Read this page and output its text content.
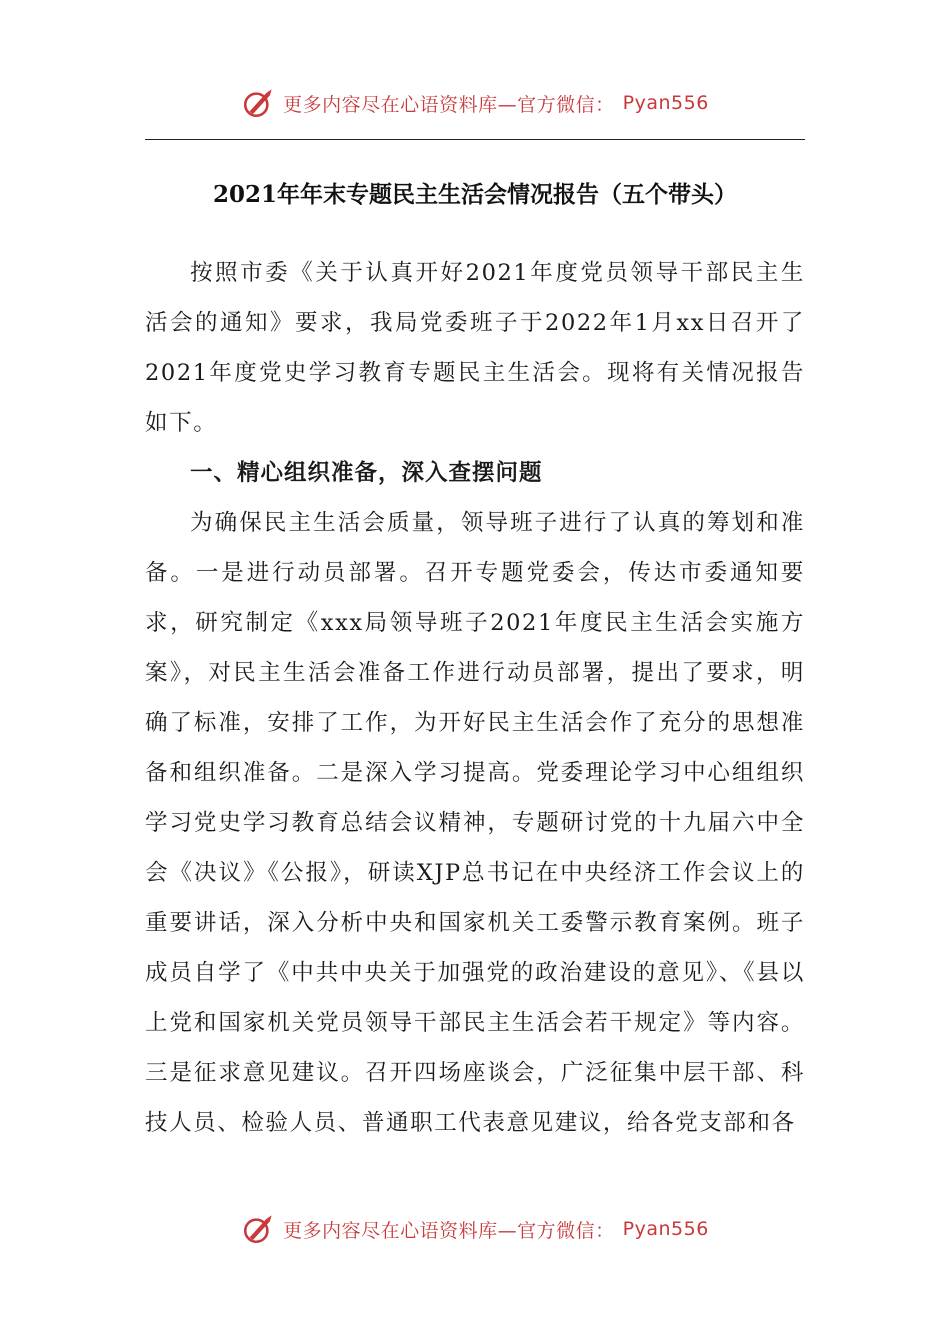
更多内容尽在心语资料库—官方微信： Pyan556
2021年年末专题民主生活会情况报告（五个带头）

按照市委《关于认真开好2021年度党员领导干部民主生活会的通知》要求，我局党委班子于2022年1月xx日召开了2021年度党史学习教育专题民主生活会。现将有关情况报告如下。

一、精心组织准备，深入查摆问题

为确保民主生活会质量，领导班子进行了认真的筹划和准备。一是进行动员部署。召开专题党委会，传达市委通知要求，研究制定《xxx局领导班子2021年度民主生活会实施方案》，对民主生活会准备工作进行动员部署，提出了要求，明确了标准，安排了工作，为开好民主生活会作了充分的思想准备和组织准备。二是深入学习提高。党委理论学习中心组组织学习党史学习教育总结会议精神，专题研讨党的十九届六中全会《决议》《公报》，研读XJP总书记在中央经济工作会议上的重要讲话，深入分析中央和国家机关工委警示教育案例。班子成员自学了《中共中央关于加强党的政治建设的意见》、《县以上党和国家机关党员领导干部民主生活会若干规定》等内容。三是征求意见建议。召开四场座谈会，广泛征集中层干部、科技人员、检验人员、普通职工代表意见建议，给各党支部和各

更多内容尽在心语资料库—官方微信： Pyan556
